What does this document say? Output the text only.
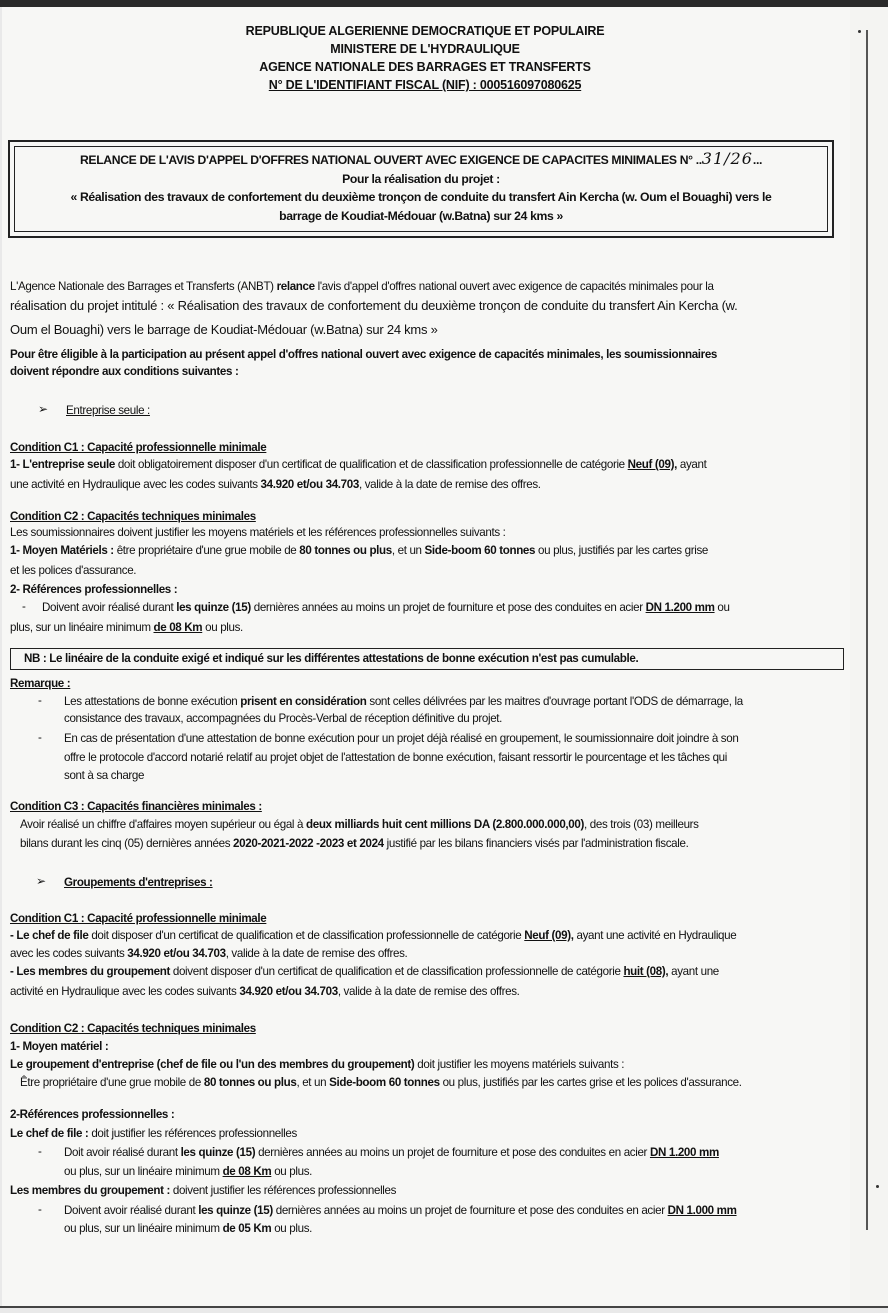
REPUBLIQUE ALGERIENNE DEMOCRATIQUE ET POPULAIRE
MINISTERE DE L'HYDRAULIQUE
AGENCE NATIONALE DES BARRAGES ET TRANSFERTS
N° DE L'IDENTIFIANT FISCAL (NIF) : 000516097080625
RELANCE DE L'AVIS D'APPEL D'OFFRES NATIONAL OUVERT AVEC EXIGENCE DE CAPACITES MINIMALES N° ..31/26...
Pour la réalisation du projet :
« Réalisation des travaux de confortement du deuxième tronçon de conduite du transfert Ain Kercha (w. Oum el Bouaghi) vers le
barrage de Koudiat-Médouar (w.Batna) sur 24 kms »
L'Agence Nationale des Barrages et Transferts (ANBT) relance l'avis d'appel d'offres national ouvert avec exigence de capacités minimales pour la
réalisation du projet intitulé : « Réalisation des travaux de confortement du deuxième tronçon de conduite du transfert Ain Kercha (w.
Oum el Bouaghi) vers le barrage de Koudiat-Médouar (w.Batna) sur 24 kms »
Pour être éligible à la participation au présent appel d'offres national ouvert avec exigence de capacités minimales, les soumissionnaires
doivent répondre aux conditions suivantes :
➢ Entreprise seule :
Condition C1 : Capacité professionnelle minimale
1- L'entreprise seule doit obligatoirement disposer d'un certificat de qualification et de classification professionnelle de catégorie Neuf (09), ayant
une activité en Hydraulique avec les codes suivants 34.920 et/ou 34.703, valide à la date de remise des offres.
Condition C2 : Capacités techniques minimales
Les soumissionnaires doivent justifier les moyens matériels et les références professionnelles suivants :
1- Moyen Matériels : être propriétaire d'une grue mobile de 80 tonnes ou plus, et un Side-boom 60 tonnes ou plus, justifiés par les cartes grise
et les polices d'assurance.
2- Références professionnelles :
- Doivent avoir réalisé durant les quinze (15) dernières années au moins un projet de fourniture et pose des conduites en acier DN 1.200 mm ou
plus, sur un linéaire minimum de 08 Km ou plus.
NB : Le linéaire de la conduite exigé et indiqué sur les différentes attestations de bonne exécution n'est pas cumulable.
Remarque :
- Les attestations de bonne exécution prisent en considération sont celles délivrées par les maitres d'ouvrage portant l'ODS de démarrage, la
consistance des travaux, accompagnées du Procès-Verbal de réception définitive du projet.
- En cas de présentation d'une attestation de bonne exécution pour un projet déjà réalisé en groupement, le soumissionnaire doit joindre à son
offre le protocole d'accord notarié relatif au projet objet de l'attestation de bonne exécution, faisant ressortir le pourcentage et les tâches qui
sont à sa charge
Condition C3 : Capacités financières minimales :
Avoir réalisé un chiffre d'affaires moyen supérieur ou égal à deux milliards huit cent millions DA (2.800.000.000,00), des trois (03) meilleurs
bilans durant les cinq (05) dernières années 2020-2021-2022 -2023 et 2024 justifié par les bilans financiers visés par l'administration fiscale.
➢ Groupements d'entreprises :
Condition C1 : Capacité professionnelle minimale
- Le chef de file doit disposer d'un certificat de qualification et de classification professionnelle de catégorie Neuf (09), ayant une activité en Hydraulique
avec les codes suivants 34.920 et/ou 34.703, valide à la date de remise des offres.
- Les membres du groupement doivent disposer d'un certificat de qualification et de classification professionnelle de catégorie huit (08), ayant une
activité en Hydraulique avec les codes suivants 34.920 et/ou 34.703, valide à la date de remise des offres.
Condition C2 : Capacités techniques minimales
1- Moyen matériel :
Le groupement d'entreprise (chef de file ou l'un des membres du groupement) doit justifier les moyens matériels suivants :
Être propriétaire d'une grue mobile de 80 tonnes ou plus, et un Side-boom 60 tonnes ou plus, justifiés par les cartes grise et les polices d'assurance.
2-Références professionnelles :
Le chef de file : doit justifier les références professionnelles
- Doit avoir réalisé durant les quinze (15) dernières années au moins un projet de fourniture et pose des conduites en acier DN 1.200 mm
ou plus, sur un linéaire minimum de 08 Km ou plus.
Les membres du groupement : doivent justifier les références professionnelles
- Doivent avoir réalisé durant les quinze (15) dernières années au moins un projet de fourniture et pose des conduites en acier DN 1.000 mm
ou plus, sur un linéaire minimum de 05 Km ou plus.
